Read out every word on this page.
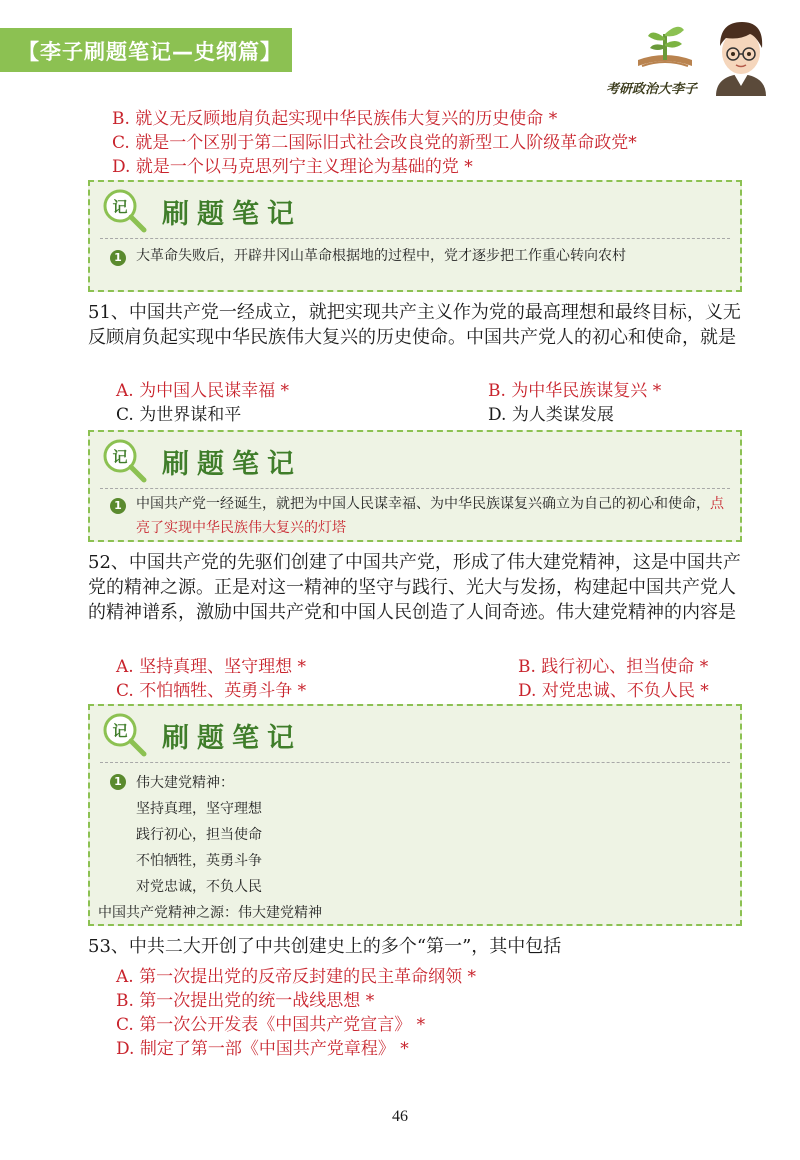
【李子刷题笔记—史纲篇】
考研政治大李子
B. 就义无反顾地肩负起实现中华民族伟大复兴的历史使命 *
C. 就是一个区别于第二国际旧式社会改良党的新型工人阶级革命政党*
D. 就是一个以马克思列宁主义理论为基础的党 *
记 刷题笔记
1 大革命失败后，开辟井冈山革命根据地的过程中，党才逐步把工作重心转向农村
51、中国共产党一经成立，就把实现共产主义作为党的最高理想和最终目标，义无反顾肩负起实现中华民族伟大复兴的历史使命。中国共产党人的初心和使命，就是
A. 为中国人民谋幸福 *	B. 为中华民族谋复兴 *
C. 为世界谋和平	D. 为人类谋发展
记 刷题笔记
1 中国共产党一经诞生，就把为中国人民谋幸福、为中华民族谋复兴确立为自己的初心和使命，点亮了实现中华民族伟大复兴的灯塔
52、中国共产党的先驱们创建了中国共产党，形成了伟大建党精神，这是中国共产党的精神之源。正是对这一精神的坚守与践行、光大与发扬，构建起中国共产党人的精神谱系，激励中国共产党和中国人民创造了人间奇迹。伟大建党精神的内容是
A. 坚持真理、坚守理想 *	B. 践行初心、担当使命 *
C. 不怕牺牲、英勇斗争 *	D. 对党忠诚、不负人民 *
记 刷题笔记
1 伟大建党精神：
坚持真理，坚守理想
践行初心，担当使命
不怕牺牲，英勇斗争
对党忠诚，不负人民
中国共产党精神之源：伟大建党精神
53、中共二大开创了中共创建史上的多个“第一”，其中包括
A. 第一次提出党的反帝反封建的民主革命纲领 *
B. 第一次提出党的统一战线思想 *
C. 第一次公开发表《中国共产党宣言》 *
D. 制定了第一部《中国共产党章程》 *
46
